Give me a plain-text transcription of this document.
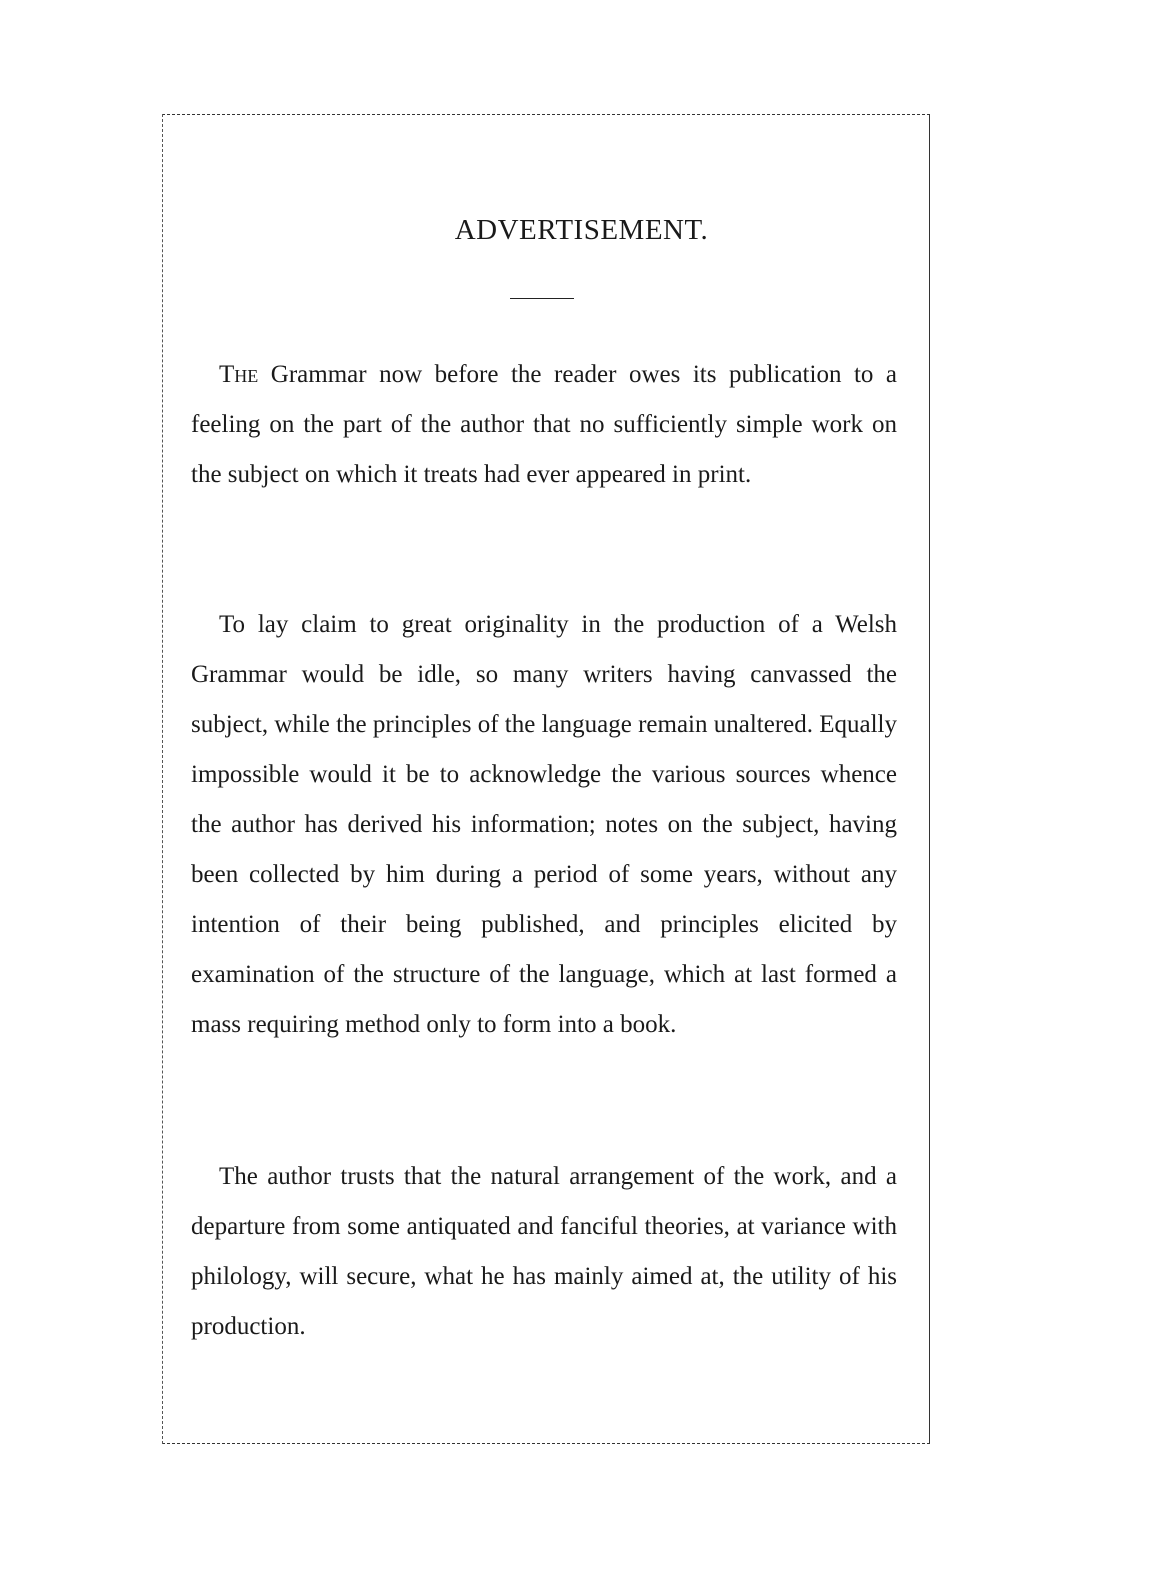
ADVERTISEMENT.

The Grammar now before the reader owes its publication to a feeling on the part of the author that no sufficiently simple work on the subject on which it treats had ever appeared in print.

To lay claim to great originality in the production of a Welsh Grammar would be idle, so many writers having canvassed the subject, while the principles of the language remain unaltered. Equally impossible would it be to acknowledge the various sources whence the author has derived his information; notes on the subject, having been collected by him during a period of some years, without any intention of their being published, and principles elicited by examination of the structure of the language, which at last formed a mass requiring method only to form into a book.

The author trusts that the natural arrangement of the work, and a departure from some antiquated and fanciful theories, at variance with philology, will secure, what he has mainly aimed at, the utility of his production.
